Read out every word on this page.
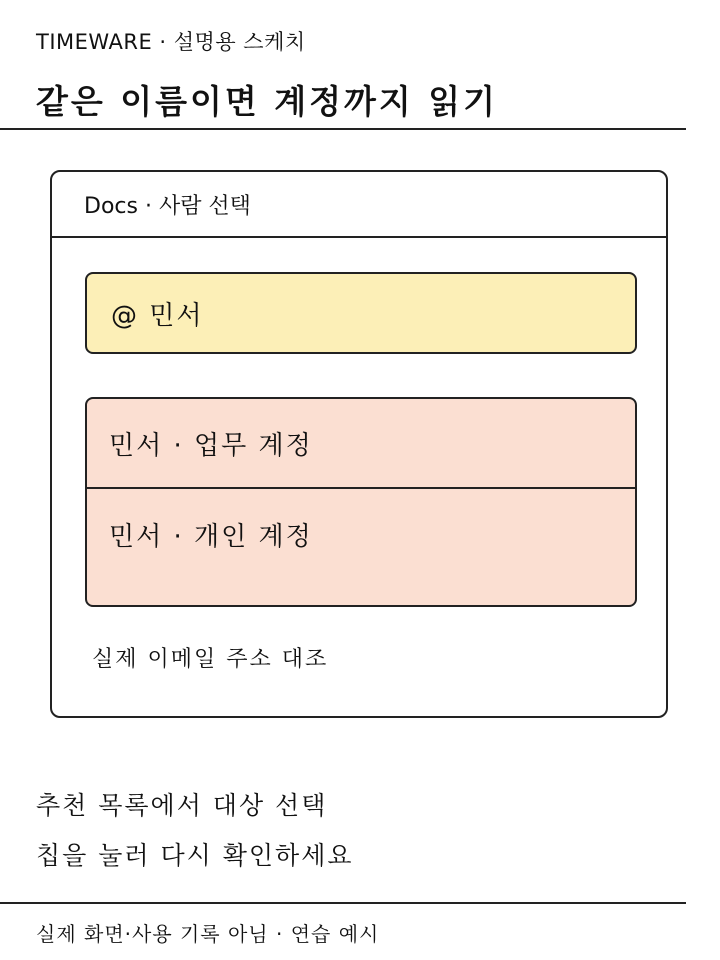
TIMEWARE · 설명용 스케치
같은 이름이면 계정까지 읽기
Docs · 사람 선택
@ 민서
민서 · 업무 계정
민서 · 개인 계정
실제 이메일 주소 대조
추천 목록에서 대상 선택
칩을 눌러 다시 확인하세요
실제 화면·사용 기록 아님 · 연습 예시
